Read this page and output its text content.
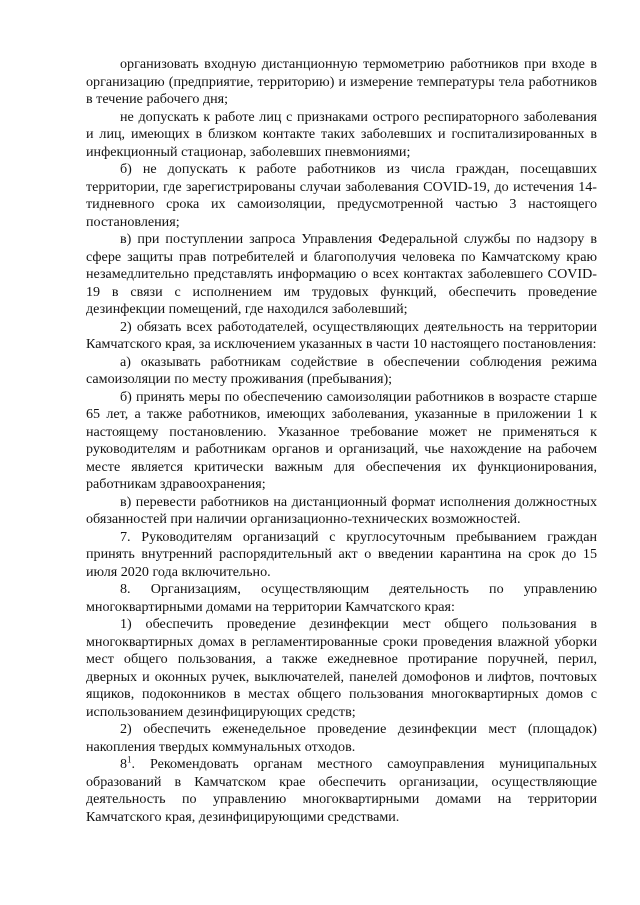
организовать входную дистанционную термометрию работников при входе в организацию (предприятие, территорию) и измерение температуры тела работников в течение рабочего дня;

не допускать к работе лиц с признаками острого респираторного заболевания и лиц, имеющих в близком контакте таких заболевших и госпитализированных в инфекционный стационар, заболевших пневмониями;

б) не допускать к работе работников из числа граждан, посещавших территории, где зарегистрированы случаи заболевания COVID-19, до истечения 14-тидневного срока их самоизоляции, предусмотренной частью 3 настоящего постановления;

в) при поступлении запроса Управления Федеральной службы по надзору в сфере защиты прав потребителей и благополучия человека по Камчатскому краю незамедлительно представлять информацию о всех контактах заболевшего COVID-19 в связи с исполнением им трудовых функций, обеспечить проведение дезинфекции помещений, где находился заболевший;

2) обязать всех работодателей, осуществляющих деятельность на территории Камчатского края, за исключением указанных в части 10 настоящего постановления:

а) оказывать работникам содействие в обеспечении соблюдения режима самоизоляции по месту проживания (пребывания);

б) принять меры по обеспечению самоизоляции работников в возрасте старше 65 лет, а также работников, имеющих заболевания, указанные в приложении 1 к настоящему постановлению. Указанное требование может не применяться к руководителям и работникам органов и организаций, чье нахождение на рабочем месте является критически важным для обеспечения их функционирования, работникам здравоохранения;

в) перевести работников на дистанционный формат исполнения должностных обязанностей при наличии организационно-технических возможностей.

7. Руководителям организаций с круглосуточным пребыванием граждан принять внутренний распорядительный акт о введении карантина на срок до 15 июля 2020 года включительно.

8. Организациям, осуществляющим деятельность по управлению многоквартирными домами на территории Камчатского края:

1) обеспечить проведение дезинфекции мест общего пользования в многоквартирных домах в регламентированные сроки проведения влажной уборки мест общего пользования, а также ежедневное протирание поручней, перил, дверных и оконных ручек, выключателей, панелей домофонов и лифтов, почтовых ящиков, подоконников в местах общего пользования многоквартирных домов с использованием дезинфицирующих средств;

2) обеспечить еженедельное проведение дезинфекции мест (площадок) накопления твердых коммунальных отходов.

$8^1$. Рекомендовать органам местного самоуправления муниципальных образований в Камчатском крае обеспечить организации, осуществляющие деятельность по управлению многоквартирными домами на территории Камчатского края, дезинфицирующими средствами.
